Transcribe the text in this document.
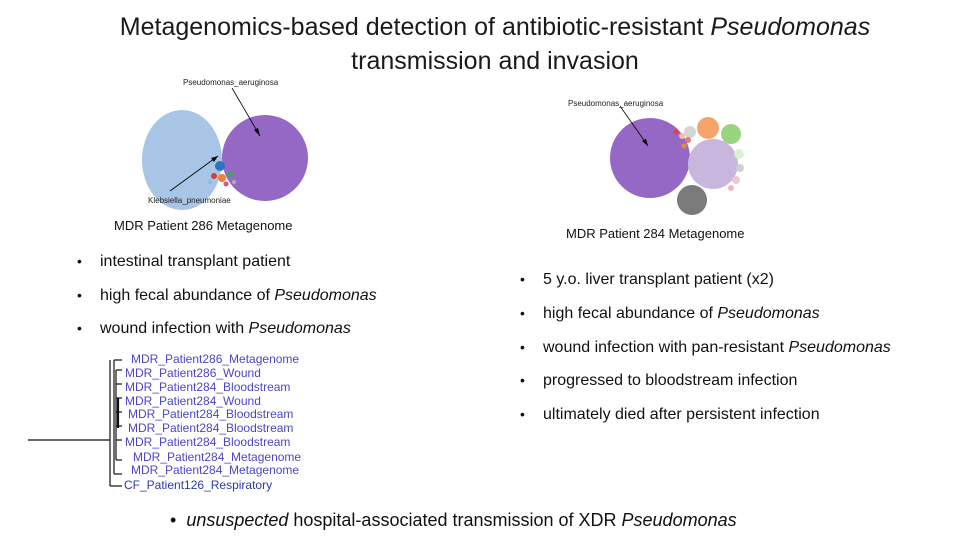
Metagenomics-based detection of antibiotic-resistant Pseudomonas
transmission and invasion
Pseudomonas_aeruginosa
Klebsiella_pneumoniae
MDR Patient 286 Metagenome
Pseudomonas_aeruginosa
MDR Patient 284 Metagenome
• intestinal transplant patient
• high fecal abundance of Pseudomonas
• wound infection with Pseudomonas
• 5 y.o. liver transplant patient (x2)
• high fecal abundance of Pseudomonas
• wound infection with pan-resistant Pseudomonas
• progressed to bloodstream infection
• ultimately died after persistent infection
MDR_Patient286_Metagenome
MDR_Patient286_Wound
MDR_Patient284_Bloodstream
MDR_Patient284_Wound
MDR_Patient284_Bloodstream
MDR_Patient284_Bloodstream
MDR_Patient284_Bloodstream
MDR_Patient284_Metagenome
MDR_Patient284_Metagenome
CF_Patient126_Respiratory
•  unsuspected hospital-associated transmission of XDR Pseudomonas
